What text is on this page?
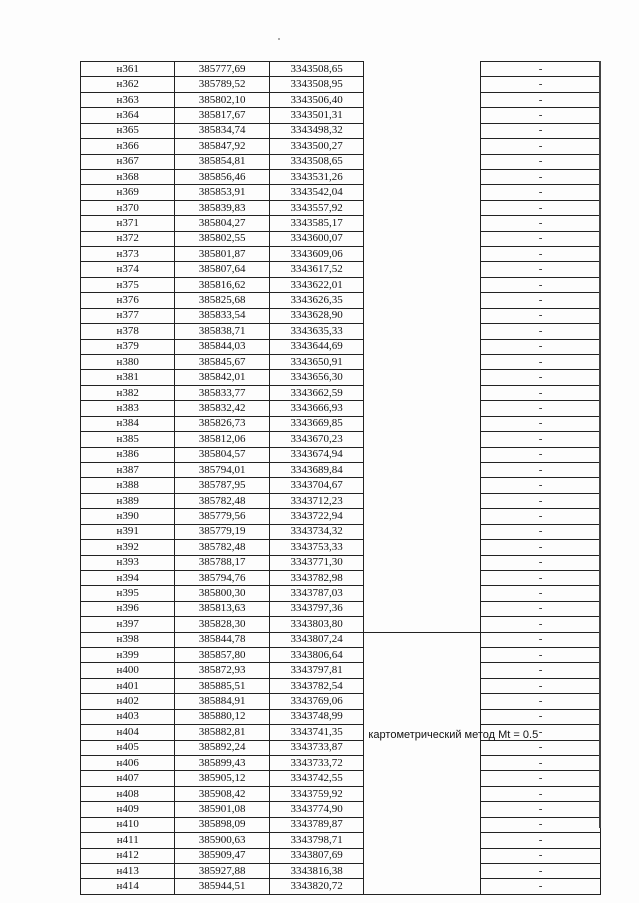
н361	385777,69	3343508,65		-
н362	385789,52	3343508,95		-
н363	385802,10	3343506,40		-
н364	385817,67	3343501,31		-
н365	385834,74	3343498,32		-
н366	385847,92	3343500,27		-
н367	385854,81	3343508,65		-
н368	385856,46	3343531,26		-
н369	385853,91	3343542,04		-
н370	385839,83	3343557,92		-
н371	385804,27	3343585,17		-
н372	385802,55	3343600,07		-
н373	385801,87	3343609,06		-
н374	385807,64	3343617,52		-
н375	385816,62	3343622,01		-
н376	385825,68	3343626,35		-
н377	385833,54	3343628,90		-
н378	385838,71	3343635,33		-
н379	385844,03	3343644,69		-
н380	385845,67	3343650,91		-
н381	385842,01	3343656,30		-
н382	385833,77	3343662,59		-
н383	385832,42	3343666,93		-
н384	385826,73	3343669,85		-
н385	385812,06	3343670,23		-
н386	385804,57	3343674,94		-
н387	385794,01	3343689,84		-
н388	385787,95	3343704,67		-
н389	385782,48	3343712,23		-
н390	385779,56	3343722,94		-
н391	385779,19	3343734,32		-
н392	385782,48	3343753,33		-
н393	385788,17	3343771,30		-
н394	385794,76	3343782,98		-
н395	385800,30	3343787,03		-
н396	385813,63	3343797,36		-
н397	385828,30	3343803,80		-
н398	385844,78	3343807,24		-
н399	385857,80	3343806,64		-
н400	385872,93	3343797,81		-
н401	385885,51	3343782,54		-
н402	385884,91	3343769,06		-
н403	385880,12	3343748,99		-
н404	385882,81	3343741,35	картометрический метод Mt = 0.5	-
н405	385892,24	3343733,87		-
н406	385899,43	3343733,72		-
н407	385905,12	3343742,55		-
н408	385908,42	3343759,92		-
н409	385901,08	3343774,90		-
н410	385898,09	3343789,87		-
н411	385900,63	3343798,71		-
н412	385909,47	3343807,69		-
н413	385927,88	3343816,38		-
н414	385944,51	3343820,72		-
